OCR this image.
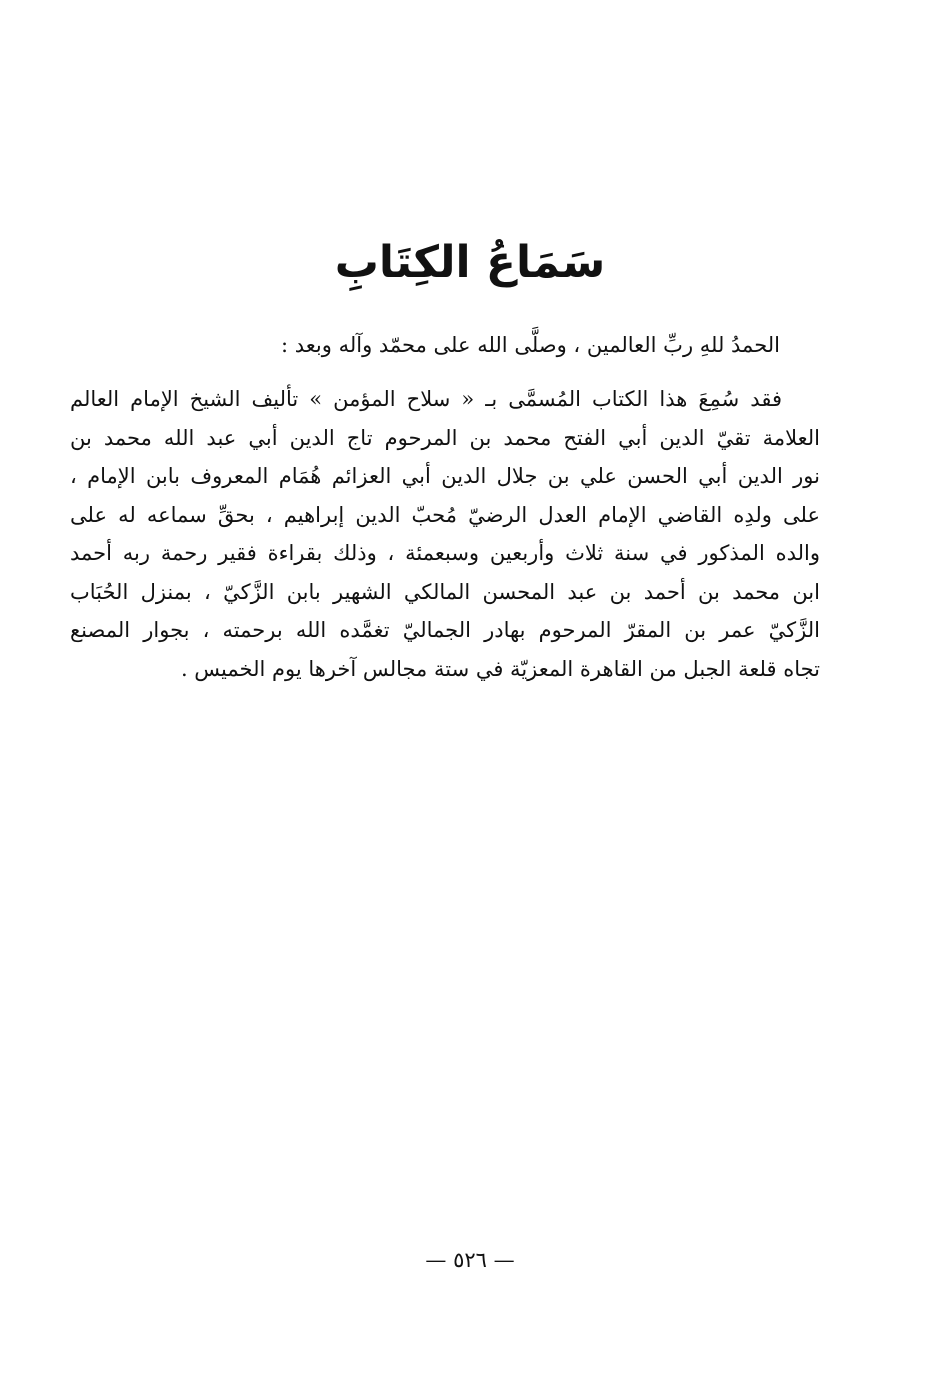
سَمَاعُ الكِتَابِ
الحمدُ للهِ ربِّ العالمين ، وصلَّى الله على محمّد وآله وبعد :
فقد سُمِعَ هذا الكتاب المُسمَّى بـ « سلاح المؤمن » تأليف الشيخ الإمام العالم
العلامة تقيّ الدين أبي الفتح محمد بن المرحوم تاج الدين أبي عبد الله محمد بن
نور الدين أبي الحسن علي بن جلال الدين أبي العزائم هُمَام المعروف بابن الإمام ،
على ولدِه القاضي الإمام العدل الرضيّ مُحبّ الدين إبراهيم ، بحقِّ سماعه له على
والده المذكور في سنة ثلاث وأربعين وسبعمئة ، وذلك بقراءة فقير رحمة ربه أحمد
ابن محمد بن أحمد بن عبد المحسن المالكي الشهير بابن الزَّكيّ ، بمنزل الحُبَاب
الزَّكيّ عمر بن المقرّ المرحوم بهادر الجماليّ تغمَّده الله برحمته ، بجوار المصنع
تجاه قلعة الجبل من القاهرة المعزيّة في ستة مجالس آخرها يوم الخميس .
— ٥٢٦ —
